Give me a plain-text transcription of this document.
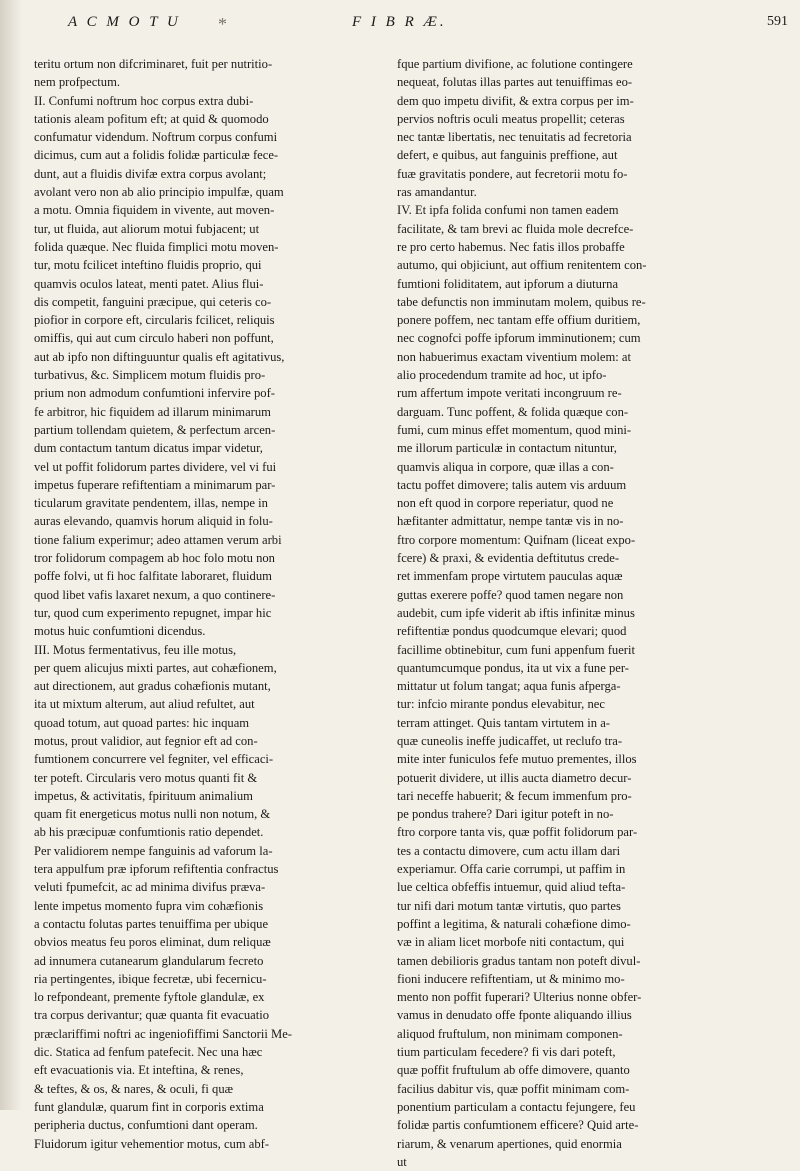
A C M O T U *	F I B R Æ.	591
teritu ortum non difcriminaret, fuit per nutritio-
nem profpectum.
II. Confumi noftrum hoc corpus extra dubi-
tationis aleam pofitum eft; at quid & quomodo
confumatur videndum. Noftrum corpus confumi
dicimus, cum aut a folidis folidæ particulæ fece-
dunt, aut a fluidis divifæ extra corpus avolant;
avolant vero non ab alio principio impulfæ, quam
a motu. Omnia fiquidem in vivente, aut moven-
tur, ut fluida, aut aliorum motui fubjacent; ut
folida quæque. Nec fluida fimplici motu moven-
tur, motu fcilicet inteftino fluidis proprio, qui
quamvis oculos lateat, menti patet. Alius flui-
dis competit, fanguini præcipue, qui ceteris co-
piofior in corpore eft, circularis fcilicet, reliquis
omiffis, qui aut cum circulo haberi non poffunt,
aut ab ipfo non diftinguuntur qualis eft agitativus,
turbativus, &c. Simplicem motum fluidis pro-
prium non admodum confumtioni infervire pof-
fe arbitror, hic fiquidem ad illarum minimarum
partium tollendam quietem, & perfectum arcen-
dum contactum tantum dicatus impar videtur,
vel ut poffit folidorum partes dividere, vel vi fui
impetus fuperare refiftentiam a minimarum par-
ticularum gravitate pendentem, illas, nempe in
auras elevando, quamvis horum aliquid in folu-
tione falium experimur; adeo attamen verum arbi
tror folidorum compagem ab hoc folo motu non
poffe folvi, ut fi hoc falfitate laboraret, fluidum
quod libet vafis laxaret nexum, a quo continere-
tur, quod cum experimento repugnet, impar hic
motus huic confumtioni dicendus.
III. Motus fermentativus, feu ille motus,
per quem alicujus mixti partes, aut cohæfionem,
aut directionem, aut gradus cohæfionis mutant,
ita ut mixtum alterum, aut aliud refultet, aut
quoad totum, aut quoad partes: hic inquam
motus, prout validior, aut fegnior eft ad con-
fumtionem concurrere vel fegniter, vel efficaci-
ter poteft. Circularis vero motus quanti fit &
impetus, & activitatis, fpirituum animalium
quam fit energeticus motus nulli non notum, &
ab his præcipuæ confumtionis ratio dependet.
Per validiorem nempe fanguinis ad vaforum la-
tera appulfum præ ipforum refiftentia confractus
veluti fpumefcit, ac ad minima divifus præva-
lente impetus momento fupra vim cohæfionis
a contactu folutas partes tenuiffima per ubique
obvios meatus feu poros eliminat, dum reliquæ
ad innumera cutanearum glandularum fecreto
ria pertingentes, ibique fecretæ, ubi fecernicu-
lo refpondeant, premente fyftole glandulæ, ex
tra corpus derivantur; quæ quanta fit evacuatio
præclariffimi noftri ac ingeniofiffimi Sanctorii Me-
dic. Statica ad fenfum patefecit. Nec una hæc
eft evacuationis via. Et inteftina, & renes,
& teftes, & os, & nares, & oculi, fi quæ
funt glandulæ, quarum fint in corporis extima
peripheria ductus, confumtioni dant operam.
Fluidorum igitur vehementior motus, cum abf-
fque partium divifione, ac folutione contingere
nequeat, folutas illas partes aut tenuiffimas eo-
dem quo impetu divifit, & extra corpus per im-
pervios noftris oculi meatus propellit; ceteras
nec tantæ libertatis, nec tenuitatis ad fecretoria
defert, e quibus, aut fanguinis preffione, aut
fuæ gravitatis pondere, aut fecretorii motu fo-
ras amandantur.
IV. Et ipfa folida confumi non tamen eadem
facilitate, & tam brevi ac fluida mole decrefce-
re pro certo habemus. Nec fatis illos probaffe
autumo, qui objiciunt, aut offium renitentem con-
fumtioni foliditatem, aut ipforum a diuturna
tabe defunctis non imminutam molem, quibus re-
ponere poffem, nec tantam effe offium duritiem,
nec cognofci poffe ipforum imminutionem; cum
non habuerimus exactam viventium molem: at
alio procedendum tramite ad hoc, ut ipfo-
rum affertum impote veritati incongruum re-
darguam. Tunc poffent, & folida quæque con-
fumi, cum minus effet momentum, quod mini-
me illorum particulæ in contactum nituntur,
quamvis aliqua in corpore, quæ illas a con-
tactu poffet dimovere; talis autem vis arduum
non eft quod in corpore reperiatur, quod ne
hæfitanter admittatur, nempe tantæ vis in no-
ftro corpore momentum: Quifnam (liceat expo-
fcere) & praxi, & evidentia deftitutus crede-
ret immenfam prope virtutem pauculas aquæ
guttas exerere poffe? quod tamen negare non
audebit, cum ipfe viderit ab iftis infinitæ minus
refiftentiæ pondus quodcumque elevari; quod
facillime obtinebitur, cum funi appenfum fuerit
quantumcumque pondus, ita ut vix a fune per-
mittatur ut folum tangat; aqua funis afperga-
tur: infcio mirante pondus elevabitur, nec
terram attinget. Quis tantam virtutem in a-
quæ cuneolis ineffe judicaffet, ut reclufo tra-
mite inter funiculos fefe mutuo prementes, illos
potuerit dividere, ut illis aucta diametro decur-
tari neceffe habuerit; & fecum immenfum pro-
pe pondus trahere? Dari igitur poteft in no-
ftro corpore tanta vis, quæ poffit folidorum par-
tes a contactu dimovere, cum actu illam dari
experiamur. Offa carie corrumpi, ut paffim in
lue celtica obfeffis intuemur, quid aliud tefta-
tur nifi dari motum tantæ virtutis, quo partes
poffint a legitima, & naturali cohæfione dimo-
væ in aliam licet morbofe niti contactum, qui
tamen debilioris gradus tantam non poteft divul-
fioni inducere refiftentiam, ut & minimo mo-
mento non poffit fuperari? Ulterius nonne obfer-
vamus in denudato offe fponte aliquando illius
aliquod fruftulum, non minimam componen-
tium particulam fecedere? fi vis dari poteft,
quæ poffit fruftulum ab offe dimovere, quanto
facilius dabitur vis, quæ poffit minimam com-
ponentium particulam a contactu fejungere, feu
folidæ partis confumtionem efficere? Quid arte-
riarum, & venarum apertiones, quid enormia
ut
